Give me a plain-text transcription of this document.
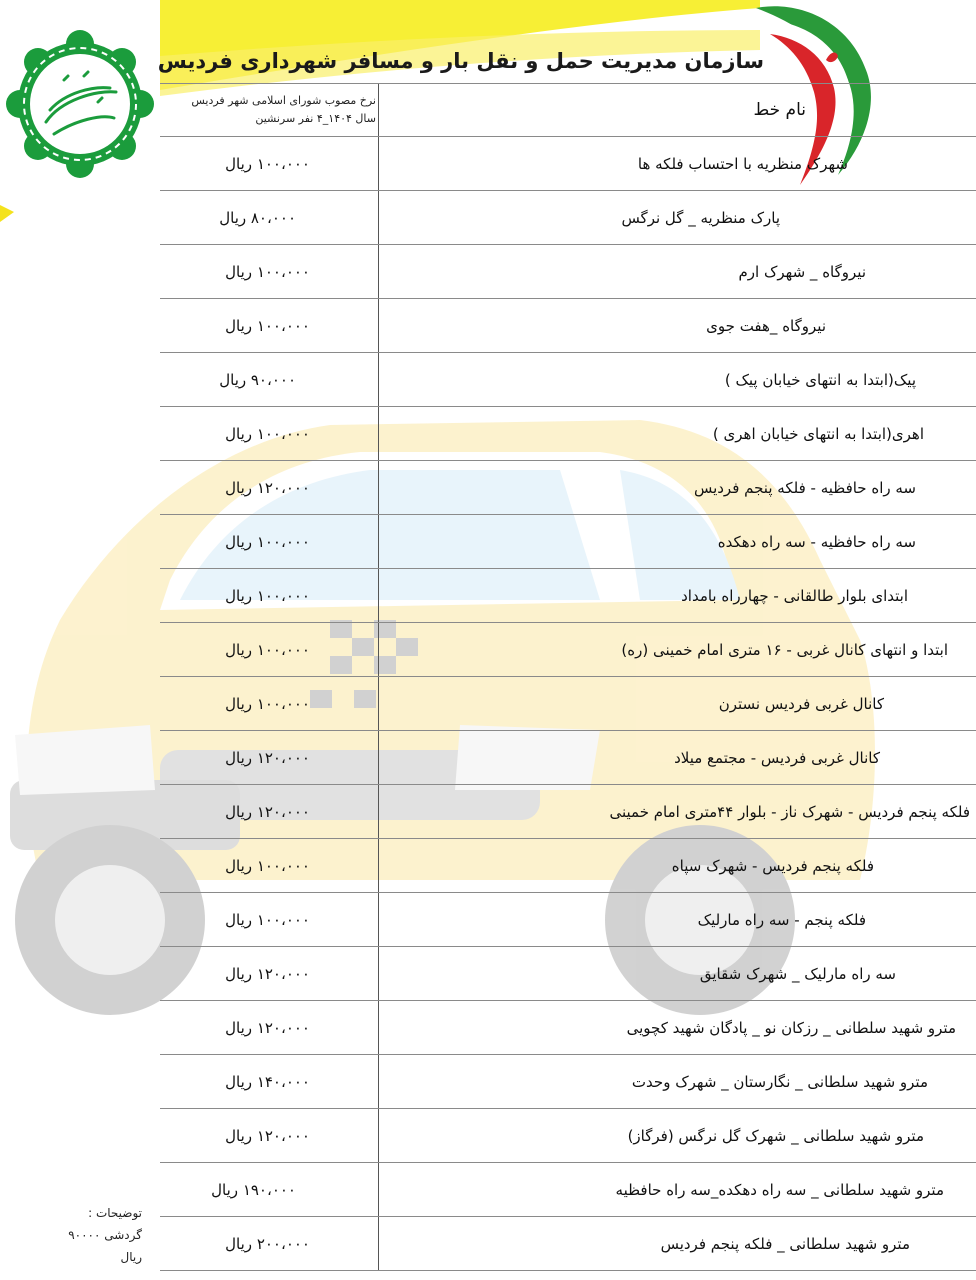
سازمان مدیریت حمل و نقل بار و مسافر شهرداری فردیس
نرخ مصوب شورای اسلامی شهر فردیس
سال ۱۴۰۴_۴ نفر سرنشین	نام خط
۱۰۰،۰۰۰ ریال	شهرک منظریه با احتساب فلکه ها
۸۰،۰۰۰ ریال	پارک منظریه _ گل نرگس
۱۰۰،۰۰۰ ریال	نیروگاه _ شهرک ارم
۱۰۰،۰۰۰ ریال	نیروگاه _هفت جوی
۹۰،۰۰۰ ریال	پیک(ابتدا به انتهای خیابان پیک )
۱۰۰،۰۰۰ ریال	اهری(ابتدا به انتهای خیابان اهری )
۱۲۰،۰۰۰ ریال	سه راه حافظیه - فلکه پنجم فردیس
۱۰۰،۰۰۰ ریال	سه راه حافظیه - سه راه دهکده
۱۰۰،۰۰۰ ریال	ابتدای بلوار طالقانی - چهارراه بامداد
۱۰۰،۰۰۰ ریال	ابتدا و انتهای کانال غربی - ۱۶ متری امام خمینی (ره)
۱۰۰،۰۰۰ ریال	کانال غربی فردیس نسترن
۱۲۰،۰۰۰ ریال	کانال غربی فردیس - مجتمع میلاد
۱۲۰،۰۰۰ ریال	فلکه پنجم فردیس - شهرک ناز - بلوار ۴۴متری امام خمینی
۱۰۰،۰۰۰ ریال	فلکه پنجم فردیس - شهرک سپاه
۱۰۰،۰۰۰ ریال	فلکه پنجم - سه راه مارلیک
۱۲۰،۰۰۰ ریال	سه راه مارلیک _ شهرک شقایق
۱۲۰،۰۰۰ ریال	مترو شهید سلطانی _ رزکان نو _ پادگان شهید کچویی
۱۴۰،۰۰۰ ریال	مترو شهید سلطانی _ نگارستان _ شهرک وحدت
۱۲۰،۰۰۰ ریال	مترو شهید سلطانی _ شهرک گل نرگس (فرگاز)
۱۹۰،۰۰۰ ریال	مترو شهید سلطانی _ سه راه دهکده_سه راه حافظیه
۲۰۰،۰۰۰ ریال	مترو شهید سلطانی _ فلکه پنجم فردیس
توضیحات :
گردشی ۹۰۰۰۰ ریال
